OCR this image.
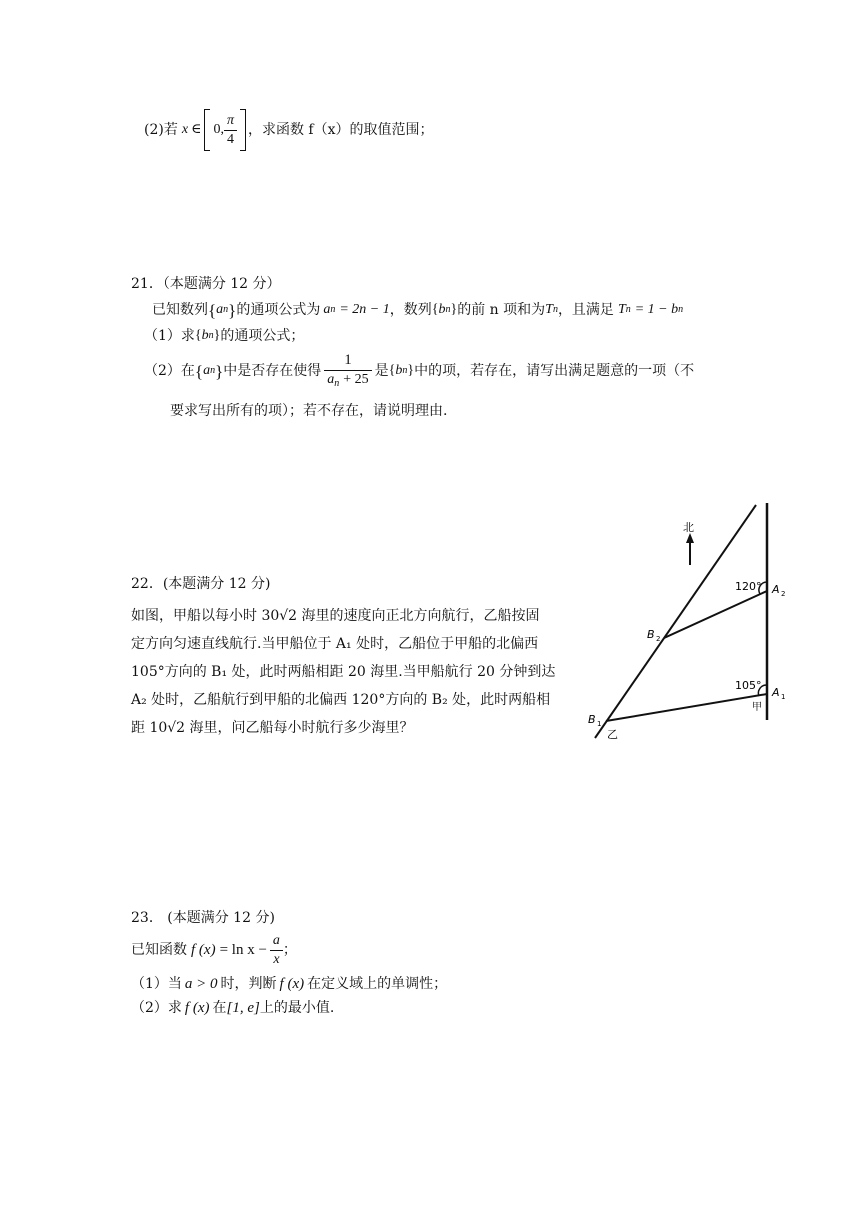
(2)若 x ∈ 0, $\frac{\pi}{4}$ ，求函数 f（x）的取值范围；
21．（本题满分 12 分）
已知数列 { a n } 的通项公式为 a n = 2n − 1 ，数列 { b n } 的前 n 项和为 T n ，且满足 T n = 1 − b n
（1）求 { b n } 的通项公式；
（2）在 { a n } 中是否存在使得 $\frac{1}{a_n + 25}$ 是 { b n } 中的项，若存在，请写出满足题意的一项（不
要求写出所有的项）；若不存在，请说明理由.
22．(本题满分 12 分)
如图，甲船以每小时 30√2 海里的速度向正北方向航行，乙船按固
定方向匀速直线航行.当甲船位于 A₁ 处时，乙船位于甲船的北偏西
105°方向的 B₁ 处，此时两船相距 20 海里.当甲船航行 20 分钟到达
A₂ 处时，乙船航行到甲船的北偏西 120°方向的 B₂ 处，此时两船相
距 10√2 海里，问乙船每小时航行多少海里？
北
120°
105°
A 2
A 1
B 2
B 1
甲
乙
23． (本题满分 12 分)
已知函数 f $(x) = \ln x - \frac{a}{x}$ ；
（1）当 a > 0 时，判断 f (x) 在定义域上的单调性；
（2）求 f (x) 在 [1, e] 上的最小值.
